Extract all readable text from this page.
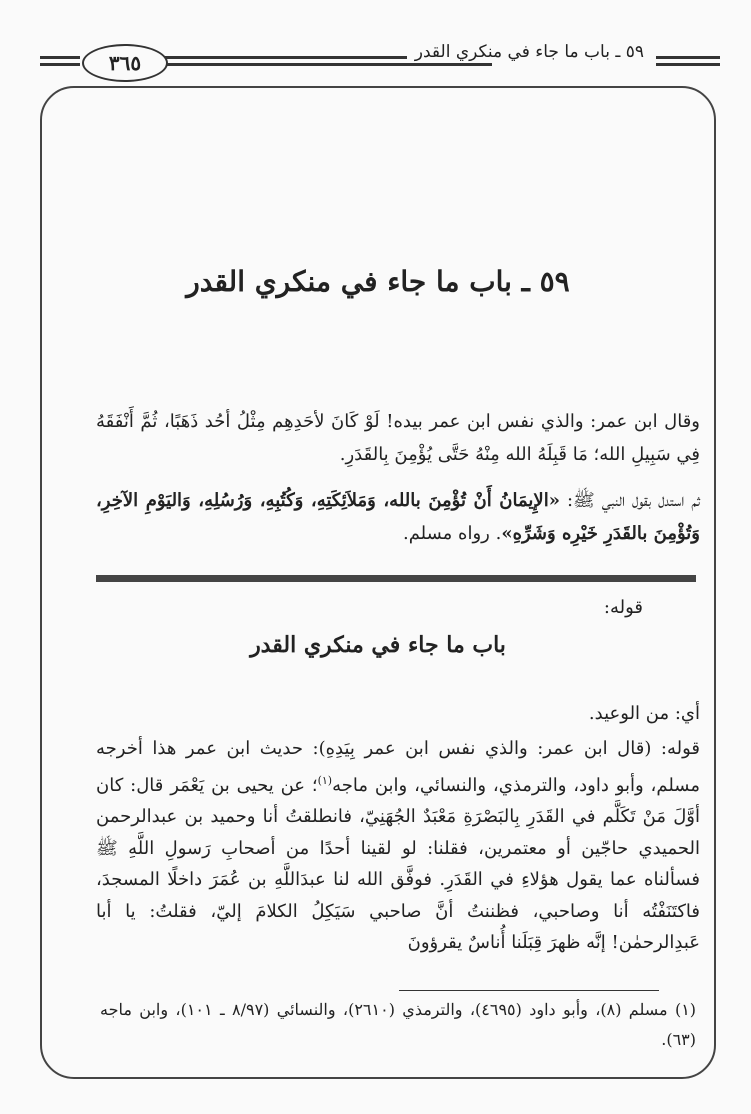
٣٦٥	٥٩ ـ باب ما جاء في منكري القدر
٥٩ ـ باب ما جاء في منكري القدر

وقال ابن عمر: والذي نفس ابن عمر بيده! لَوْ كَانَ لأحَدِهِم مِثْلُ أحُد ذَهَبًا، ثُمَّ أَنْفَقَهُ فِي سَبِيلِ الله؛ مَا قَبِلَهُ الله مِنْهُ حَتَّى يُؤْمِنَ بِالقَدَرِ.

ثم استدل بقول النبي ﷺ: «الإِيمَانُ أَنْ تُؤْمِنَ بالله، وَمَلاَئِكَتِهِ، وَكُتُبِهِ، وَرُسُلِهِ، وَاليَوْمِ الآخِرِ، وَتُؤْمِنَ بالقَدَرِ خَيْرِه وَشَرِّهِ». رواه مسلم.

قوله:
باب ما جاء في منكري القدر

أي: من الوعيد.

قوله: (قال ابن عمر: والذي نفس ابن عمر بِيَدِهِ): حديث ابن عمر هذا أخرجه مسلم، وأبو داود، والترمذي، والنسائي، وابن ماجه$^{(١)}$؛ عن يحيى بن يَعْمَر قال: كان أوَّلَ مَنْ تَكَلَّم في القَدَرِ بِالبَصْرَةِ مَعْبَدٌ الجُهَنِيّ، فانطلقتُ أنا وحميد بن عبدالرحمن الحميدي حاجّين أو معتمرين، فقلنا: لو لقينا أحدًا من أصحابِ رَسولِ اللَّهِ ﷺ فسألناه عما يقول هؤلاءِ في القَدَرِ. فوفَّق الله لنا عبدَاللَّهِ بن عُمَرَ داخلًا المسجدَ، فاكتَنَفْتُه أنا وصاحبي، فظننتُ أنَّ صاحبي سَيَكِلُ الكلامَ إليّ، فقلتُ: يا أبا عَبدِالرحمٰن! إنَّه ظهرَ قِبَلَنا أُناسٌ يقرؤونَ

(١) مسلم (٨)، وأبو داود (٤٦٩٥)، والترمذي (٢٦١٠)، والنسائي (٨/٩٧ ـ ١٠١)، وابن ماجه (٦٣).
